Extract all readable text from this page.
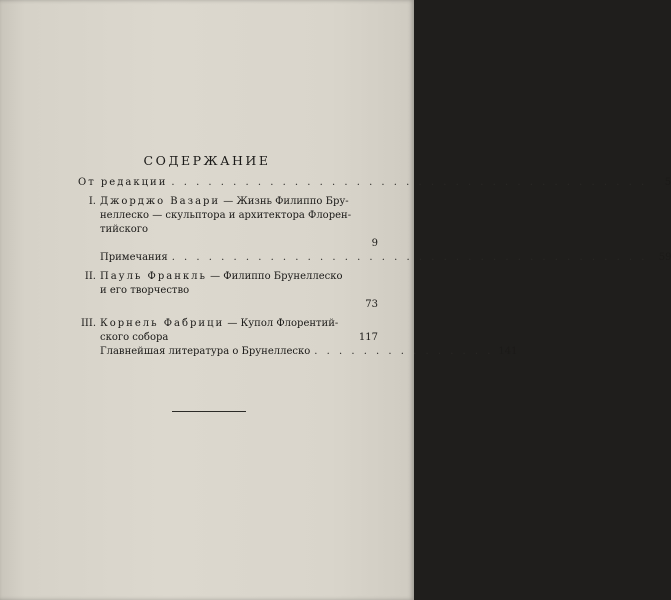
СОДЕРЖАНИЕ
От редакции . . . . . . . . . . . . . . . . . . . . . . . . . . . . . . . . . . . . . . .	5
I. Джорджо Вазари — Жизнь Филиппо Бру-
неллеско — скульптора и архитектора Флорен-
тийского
9
Примечания . . . . . . . . . . . . . . . . . . . . . . . . . . . . . . . . . . . . . . .	59
II. Пауль Франкль — Филиппо Брунеллеско
и его творчество
73
III. Корнель Фабрици — Купол Флорентий-
ского собора	117
Главнейшая литература о Брунеллеско . . . . . . . . . . . . . . . 141
